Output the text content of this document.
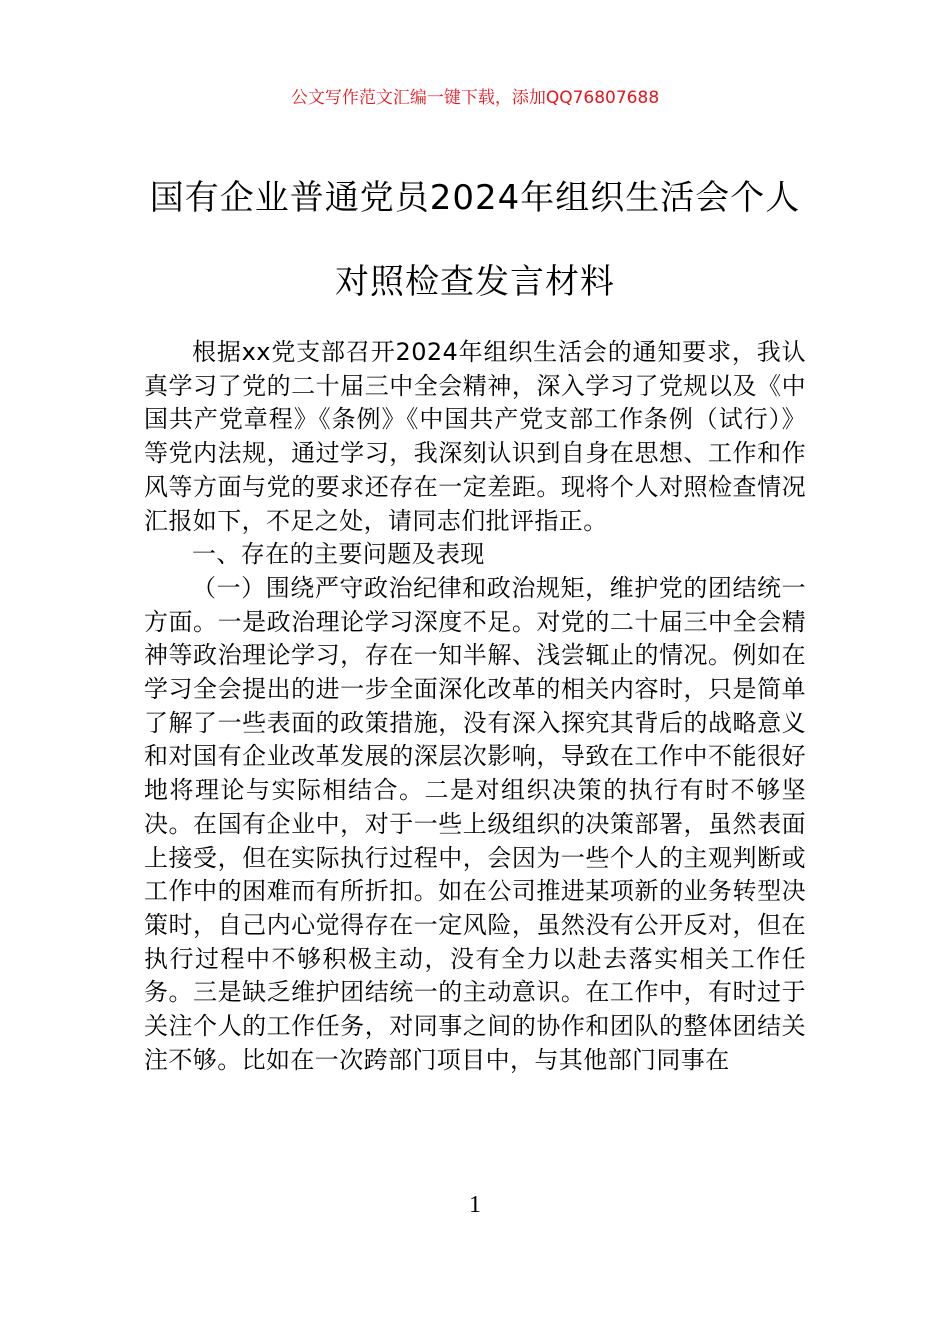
公文写作范文汇编一键下载，添加QQ76807688
国有企业普通党员2024年组织生活会个人
对照检查发言材料

根据xx党支部召开2024年组织生活会的通知要求，我认真学习了党的二十届三中全会精神，深入学习了党规以及《中国共产党章程》《条例》《中国共产党支部工作条例（试行）》等党内法规，通过学习，我深刻认识到自身在思想、工作和作风等方面与党的要求还存在一定差距。现将个人对照检查情况汇报如下，不足之处，请同志们批评指正。

一、存在的主要问题及表现

（一）围绕严守政治纪律和政治规矩，维护党的团结统一方面。一是政治理论学习深度不足。对党的二十届三中全会精神等政治理论学习，存在一知半解、浅尝辄止的情况。例如在学习全会提出的进一步全面深化改革的相关内容时，只是简单了解了一些表面的政策措施，没有深入探究其背后的战略意义和对国有企业改革发展的深层次影响，导致在工作中不能很好地将理论与实际相结合。二是对组织决策的执行有时不够坚决。在国有企业中，对于一些上级组织的决策部署，虽然表面上接受，但在实际执行过程中，会因为一些个人的主观判断或工作中的困难而有所折扣。如在公司推进某项新的业务转型决策时，自己内心觉得存在一定风险，虽然没有公开反对，但在执行过程中不够积极主动，没有全力以赴去落实相关工作任务。三是缺乏维护团结统一的主动意识。在工作中，有时过于关注个人的工作任务，对同事之间的协作和团队的整体团结关注不够。比如在一次跨部门项目中，与其他部门同事在

1
